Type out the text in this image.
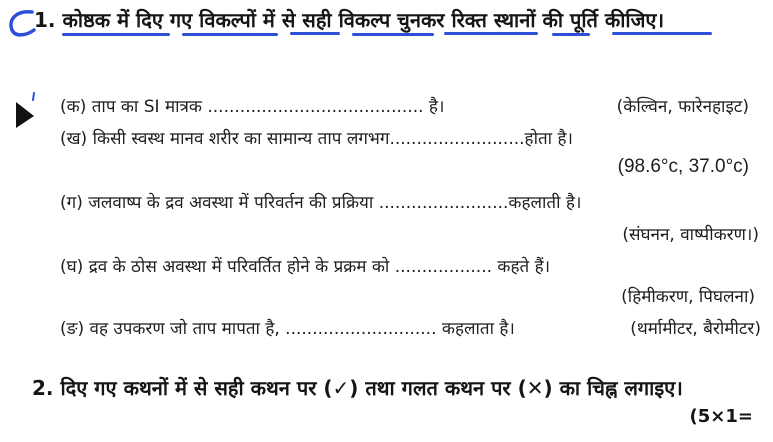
1. कोष्ठक में दिए गए विकल्पों में से सही विकल्प चुनकर रिक्त स्थानों की पूर्ति कीजिए।
(क) ताप का SI मात्रक ........................................ है।	(केल्विन, फारेनहाइट)
(ख) किसी स्वस्थ मानव शरीर का सामान्य ताप लगभग.........................होता है।
(98.6°c, 37.0°c)
(ग) जलवाष्प के द्रव अवस्था में परिवर्तन की प्रक्रिया ........................कहलाती है।
(संघनन, वाष्पीकरण।)
(घ) द्रव के ठोस अवस्था में परिवर्तित होने के प्रक्रम को .................. कहते हैं।
(हिमीकरण, पिघलना)
(ङ) वह उपकरण जो ताप मापता है, ............................ कहलाता है।	(थर्मामीटर, बैरोमीटर)
2. दिए गए कथनों में से सही कथन पर (✓) तथा गलत कथन पर (✕) का चिह्न लगाइए।
(5×1=
